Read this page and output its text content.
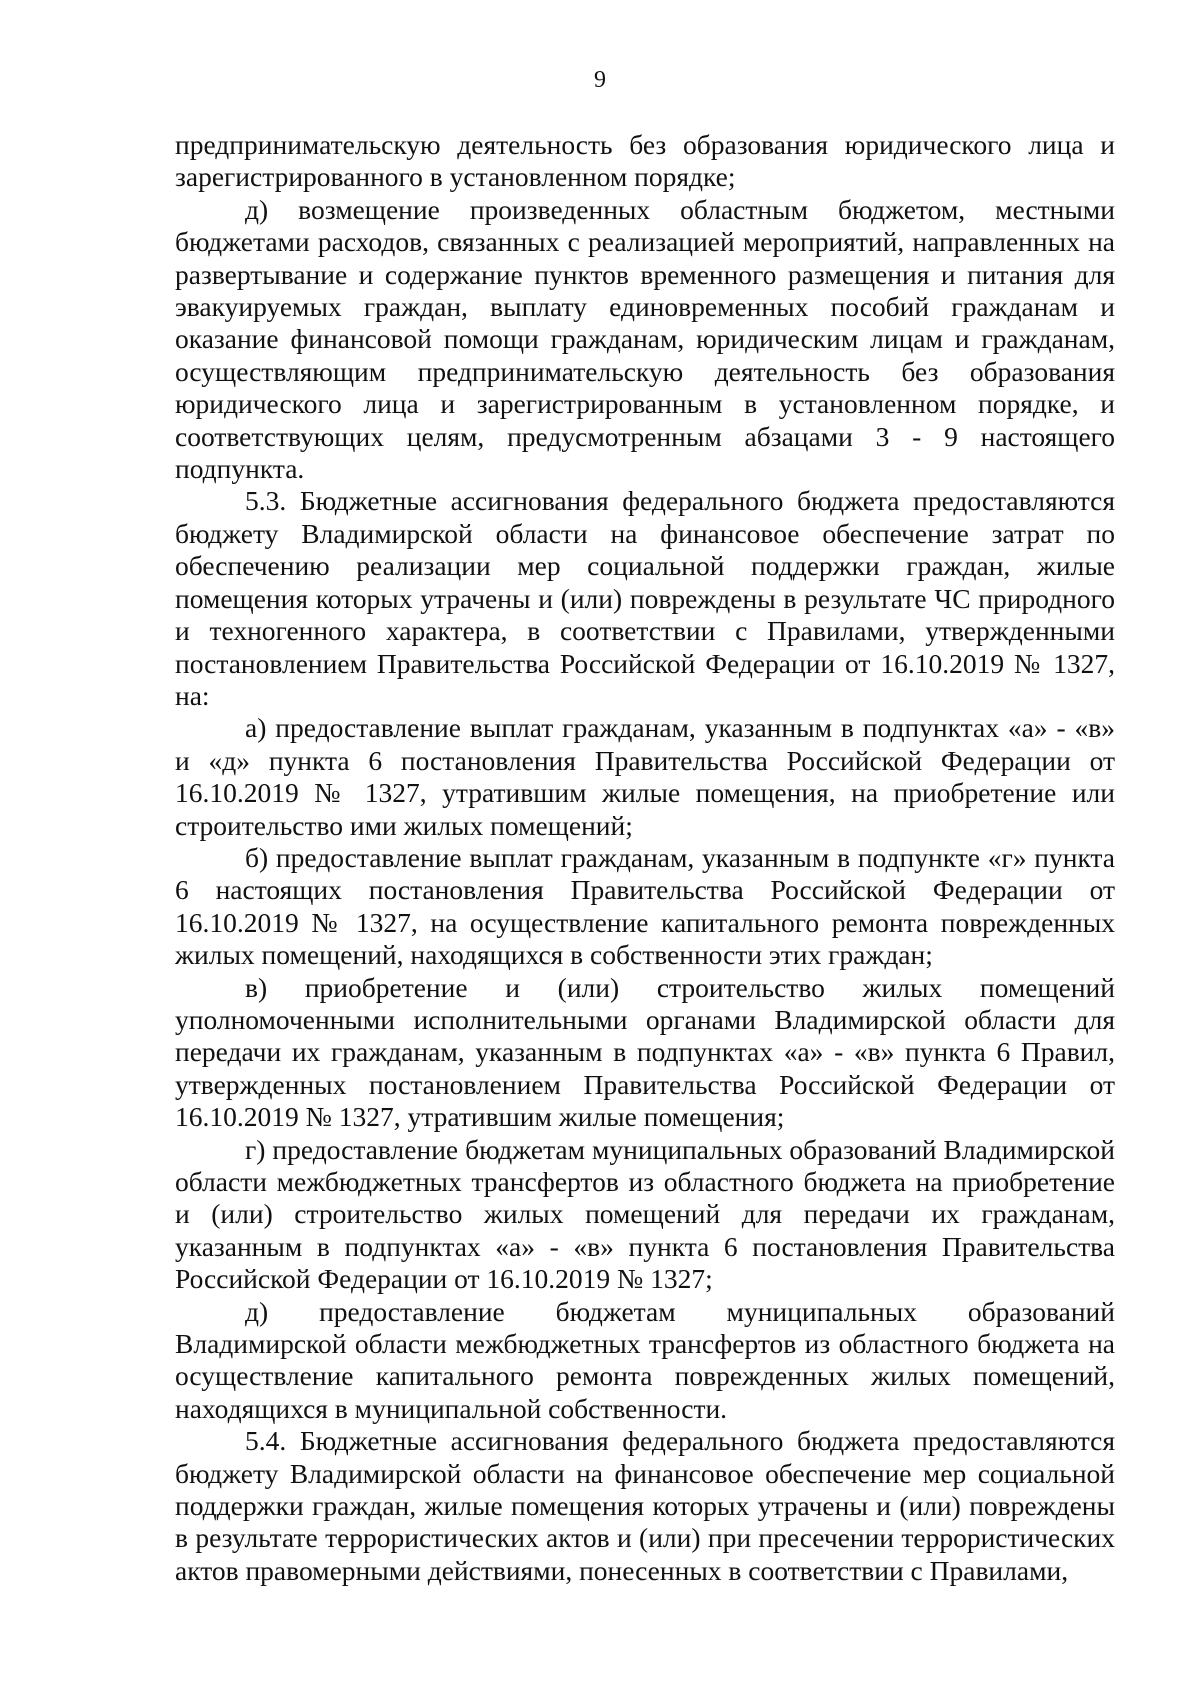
9

предпринимательскую деятельность без образования юридического лица и зарегистрированного в установленном порядке;

д) возмещение произведенных областным бюджетом, местными бюджетами расходов, связанных с реализацией мероприятий, направленных на развертывание и содержание пунктов временного размещения и питания для эвакуируемых граждан, выплату единовременных пособий гражданам и оказание финансовой помощи гражданам, юридическим лицам и гражданам, осуществляющим предпринимательскую деятельность без образования юридического лица и зарегистрированным в установленном порядке, и соответствующих целям, предусмотренным абзацами 3 - 9 настоящего подпункта.

5.3. Бюджетные ассигнования федерального бюджета предоставляются бюджету Владимирской области на финансовое обеспечение затрат по обеспечению реализации мер социальной поддержки граждан, жилые помещения которых утрачены и (или) повреждены в результате ЧС природного и техногенного характера, в соответствии с Правилами, утвержденными постановлением Правительства Российской Федерации от 16.10.2019 № 1327, на:

а) предоставление выплат гражданам, указанным в подпунктах «а» - «в» и «д» пункта 6 постановления Правительства Российской Федерации от 16.10.2019 № 1327, утратившим жилые помещения, на приобретение или строительство ими жилых помещений;

б) предоставление выплат гражданам, указанным в подпункте «г» пункта 6 настоящих постановления Правительства Российской Федерации от 16.10.2019 № 1327, на осуществление капитального ремонта поврежденных жилых помещений, находящихся в собственности этих граждан;

в) приобретение и (или) строительство жилых помещений уполномоченными исполнительными органами Владимирской области для передачи их гражданам, указанным в подпунктах «а» - «в» пункта 6 Правил, утвержденных постановлением Правительства Российской Федерации от 16.10.2019 № 1327, утратившим жилые помещения;

г) предоставление бюджетам муниципальных образований Владимирской области межбюджетных трансфертов из областного бюджета на приобретение и (или) строительство жилых помещений для передачи их гражданам, указанным в подпунктах «а» - «в» пункта 6 постановления Правительства Российской Федерации от 16.10.2019 № 1327;

д) предоставление бюджетам муниципальных образований Владимирской области межбюджетных трансфертов из областного бюджета на осуществление капитального ремонта поврежденных жилых помещений, находящихся в муниципальной собственности.

5.4. Бюджетные ассигнования федерального бюджета предоставляются бюджету Владимирской области на финансовое обеспечение мер социальной поддержки граждан, жилые помещения которых утрачены и (или) повреждены в результате террористических актов и (или) при пресечении террористических актов правомерными действиями, понесенных в соответствии с Правилами,
